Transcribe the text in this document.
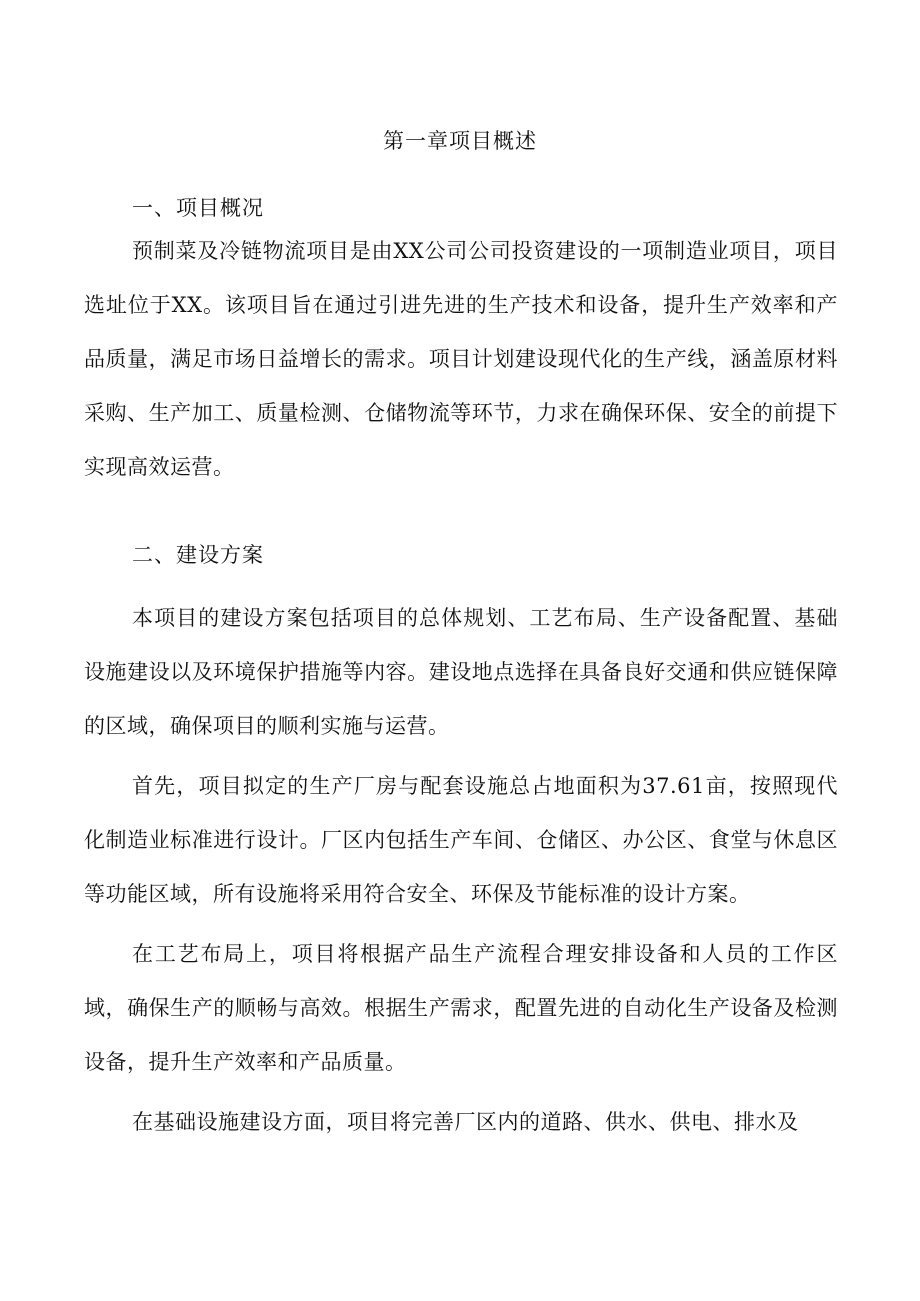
第一章项目概述
一、项目概况

预制菜及冷链物流项目是由XX公司公司投资建设的一项制造业项目，项目选址位于XX。该项目旨在通过引进先进的生产技术和设备，提升生产效率和产品质量，满足市场日益增长的需求。项目计划建设现代化的生产线，涵盖原材料采购、生产加工、质量检测、仓储物流等环节，力求在确保环保、安全的前提下实现高效运营。

二、建设方案

本项目的建设方案包括项目的总体规划、工艺布局、生产设备配置、基础设施建设以及环境保护措施等内容。建设地点选择在具备良好交通和供应链保障的区域，确保项目的顺利实施与运营。

首先，项目拟定的生产厂房与配套设施总占地面积为37.61亩，按照现代化制造业标准进行设计。厂区内包括生产车间、仓储区、办公区、食堂与休息区等功能区域，所有设施将采用符合安全、环保及节能标准的设计方案。

在工艺布局上，项目将根据产品生产流程合理安排设备和人员的工作区域，确保生产的顺畅与高效。根据生产需求，配置先进的自动化生产设备及检测设备，提升生产效率和产品质量。

在基础设施建设方面，项目将完善厂区内的道路、供水、供电、排水及
